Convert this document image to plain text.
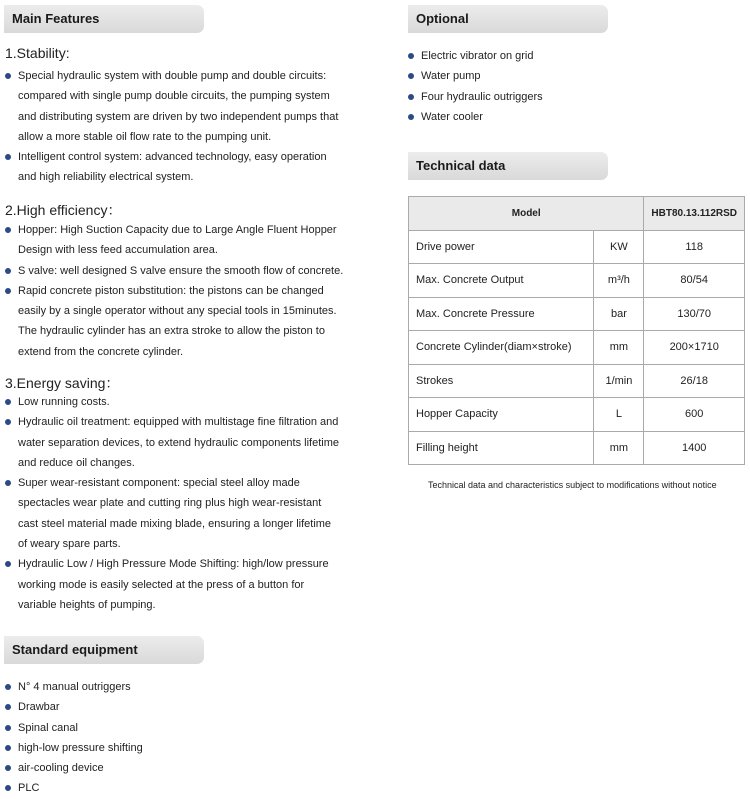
Main Features
1.Stability:
Special hydraulic system with double pump and double circuits:
compared with single pump double circuits, the pumping system
and distributing system are driven by two independent pumps that
allow a more stable oil flow rate to the pumping unit.
Intelligent control system: advanced technology, easy operation
and high reliability electrical system.
2.High efficiency：
Hopper: High Suction Capacity due to Large Angle Fluent Hopper
Design with less feed accumulation area.
S valve: well designed S valve ensure the smooth flow of concrete.
Rapid concrete piston substitution: the pistons can be changed
easily by a single operator without any special tools in 15minutes.
The hydraulic cylinder has an extra stroke to allow the piston to
extend from the concrete cylinder.
3.Energy saving：
Low running costs.
Hydraulic oil treatment: equipped with multistage fine filtration and
water separation devices, to extend hydraulic components lifetime
and reduce oil changes.
Super wear-resistant component: special steel alloy made
spectacles wear plate and cutting ring plus high wear-resistant
cast steel material made mixing blade, ensuring a longer lifetime
of weary spare parts.
Hydraulic Low / High Pressure Mode Shifting: high/low pressure
working mode is easily selected at the press of a button for
variable heights of pumping.
Standard equipment
N° 4 manual outriggers
Drawbar
Spinal canal
high-low pressure shifting
air-cooling device
PLC
Optional
Electric vibrator on grid
Water pump
Four hydraulic outriggers
Water cooler
Technical data
Model		HBT80.13.112RSD
Drive power	KW	118
Max. Concrete Output	m³/h	80/54
Max. Concrete Pressure	bar	130/70
Concrete Cylinder(diam×stroke)	mm	200×1710
Strokes	1/min	26/18
Hopper Capacity	L	600
Filling height	mm	1400
Technical data and characteristics subject to modifications without notice
